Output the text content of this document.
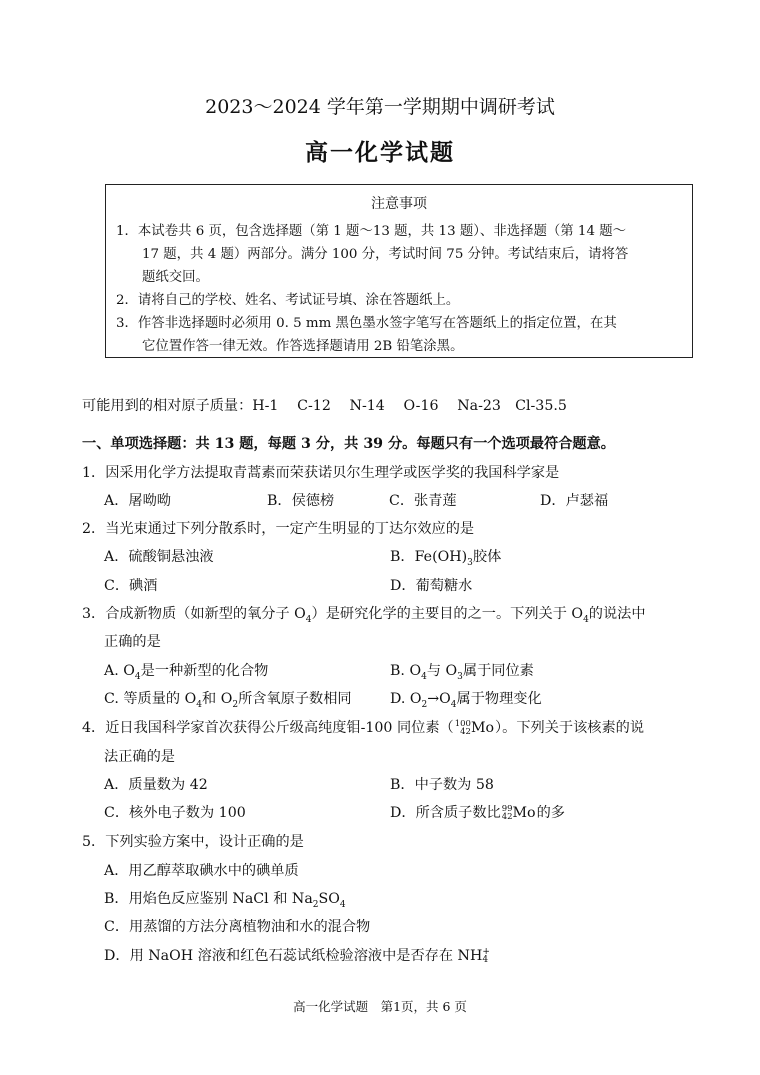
2023～2024 学年第一学期期中调研考试
高一化学试题
注意事项
1．本试卷共 6 页，包含选择题（第 1 题～13 题，共 13 题）、非选择题（第 14 题～
17 题，共 4 题）两部分。满分 100 分，考试时间 75 分钟。考试结束后，请将答
题纸交回。
2．请将自己的学校、姓名、考试证号填、涂在答题纸上。
3．作答非选择题时必须用 0. 5 mm 黑色墨水签字笔写在答题纸上的指定位置，在其
它位置作答一律无效。作答选择题请用 2B 铅笔涂黑。
可能用到的相对原子质量：H-1　 C-12　 N-14　 O-16　 Na-23　Cl-35.5
一、单项选择题：共 13 题，每题 3 分，共 39 分。每题只有一个选项最符合题意。
1．因采用化学方法提取青蒿素而荣获诺贝尔生理学或医学奖的我国科学家是
A．屠呦呦	B．侯德榜	C．张青莲	D．卢瑟福
2．当光束通过下列分散系时，一定产生明显的丁达尔效应的是
A．硫酸铜悬浊液	B．$Fe(OH)_3$胶体
C．碘酒	D．葡萄糖水
3．合成新物质（如新型的氧分子 $O_4$）是研究化学的主要目的之一。下列关于 $O_4$的说法中
正确的是
A. $O_4$是一种新型的化合物	B. $O_4$与 $O_3$属于同位素
C. 等质量的 $O_4$和 $O_2$所含氧原子数相同	D. $O_2\to O_4$属于物理变化
4．近日我国科学家首次获得公斤级高纯度钼-100 同位素（ 100
42 Mo）。下列关于该核素的说
法正确的是
A．质量数为 42	B．中子数为 58
C．核外电子数为 100	D．所含质子数比 99
42 Mo的多
5．下列实验方案中，设计正确的是
A．用乙醇萃取碘水中的碘单质
B．用焰色反应鉴别 NaCl 和 $Na_2SO_4$
C．用蒸馏的方法分离植物油和水的混合物
D．用 NaOH 溶液和红色石蕊试纸检验溶液中是否存在 NH +
4
高一化学试题　第1页，共 6 页
